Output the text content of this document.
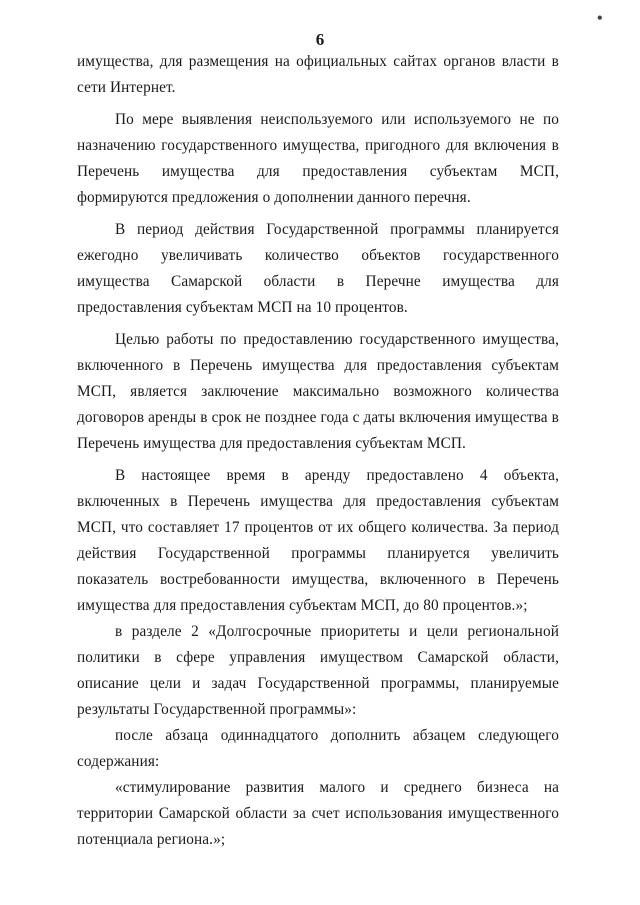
•
6

имущества, для размещения на официальных сайтах органов власти в сети Интернет.

По мере выявления неиспользуемого или используемого не по назначению государственного имущества, пригодного для включения в Перечень имущества для предоставления субъектам МСП, формируются предложения о дополнении данного перечня.

В период действия Государственной программы планируется ежегодно увеличивать количество объектов государственного имущества Самарской области в Перечне имущества для предоставления субъектам МСП на 10 процентов.

Целью работы по предоставлению государственного имущества, включенного в Перечень имущества для предоставления субъектам МСП, является заключение максимально возможного количества договоров аренды в срок не позднее года с даты включения имущества в Перечень имущества для предоставления субъектам МСП.

В настоящее время в аренду предоставлено 4 объекта, включенных в Перечень имущества для предоставления субъектам МСП, что составляет 17 процентов от их общего количества. За период действия Государственной программы планируется увеличить показатель востребованности имущества, включенного в Перечень имущества для предоставления субъектам МСП, до 80 процентов.»;

в разделе 2 «Долгосрочные приоритеты и цели региональной политики в сфере управления имуществом Самарской области, описание цели и задач Государственной программы, планируемые результаты Государственной программы»:

после абзаца одиннадцатого дополнить абзацем следующего содержания:

«стимулирование развития малого и среднего бизнеса на территории Самарской области за счет использования имущественного потенциала региона.»;
